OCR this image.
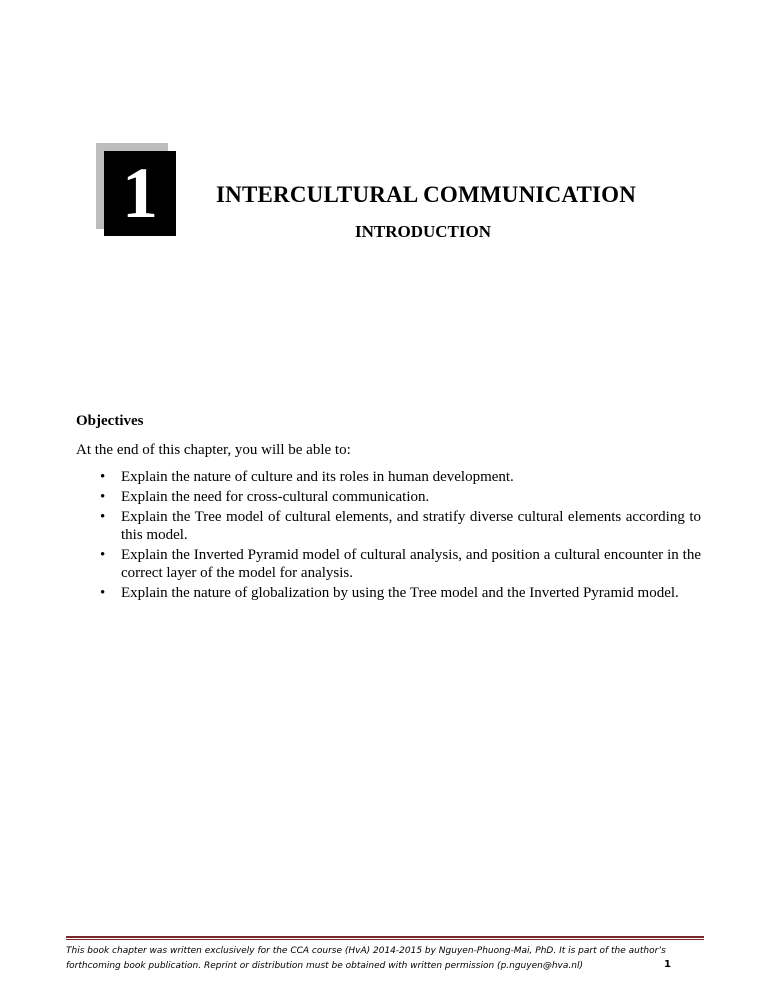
1	INTERCULTURAL COMMUNICATION
INTRODUCTION
Objectives
At the end of this chapter, you will be able to:
• Explain the nature of culture and its roles in human development.
• Explain the need for cross-cultural communication.
• Explain the Tree model of cultural elements, and stratify diverse cultural elements according to this model.
• Explain the Inverted Pyramid model of cultural analysis, and position a cultural encounter in the correct layer of the model for analysis.
• Explain the nature of globalization by using the Tree model and the Inverted Pyramid model.
This book chapter was written exclusively for the CCA course (HvA) 2014-2015 by Nguyen-Phuong-Mai, PhD. It is part of the author’s
forthcoming book publication. Reprint or distribution must be obtained with written permission (p.nguyen@hva.nl)	1
